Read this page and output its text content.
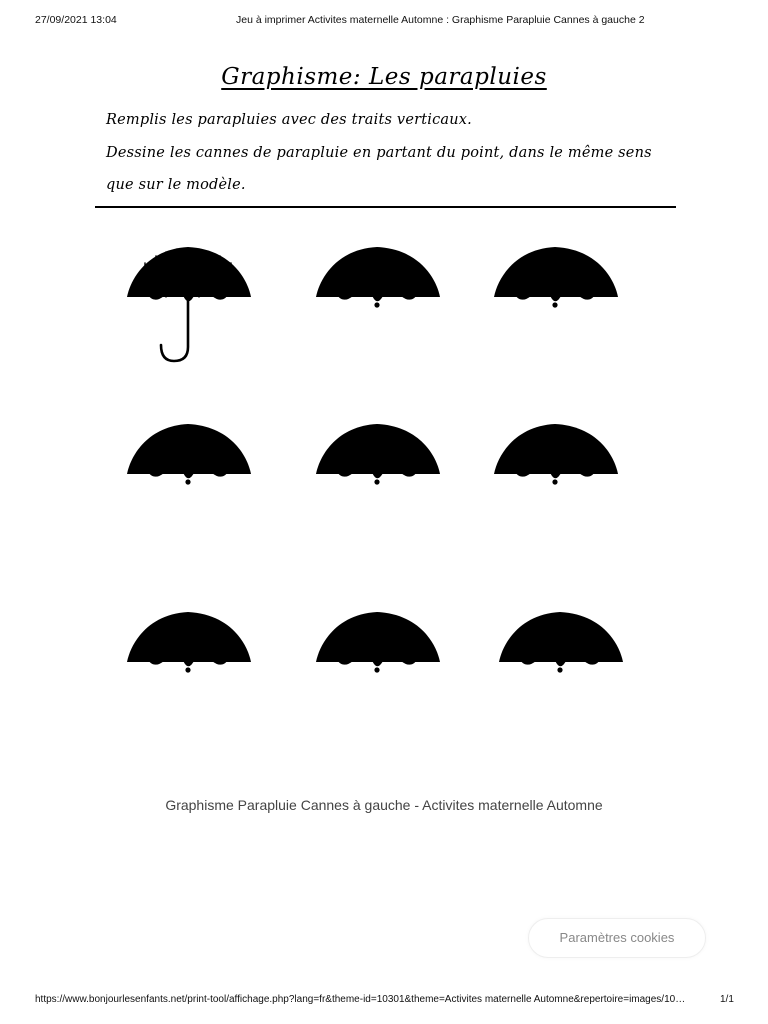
27/09/2021 13:04	Jeu à imprimer Activites maternelle Automne : Graphisme Parapluie Cannes à gauche 2
Graphisme: Les parapluies
Remplis les parapluies avec des traits verticaux.
Dessine les cannes de parapluie en partant du point, dans le même sens
que sur le modèle.
Graphisme Parapluie Cannes à gauche - Activites maternelle Automne
Paramètres cookies
https://www.bonjourlesenfants.net/print-tool/affichage.php?lang=fr&theme-id=10301&theme=Activites maternelle Automne&repertoire=images/10…	1/1
